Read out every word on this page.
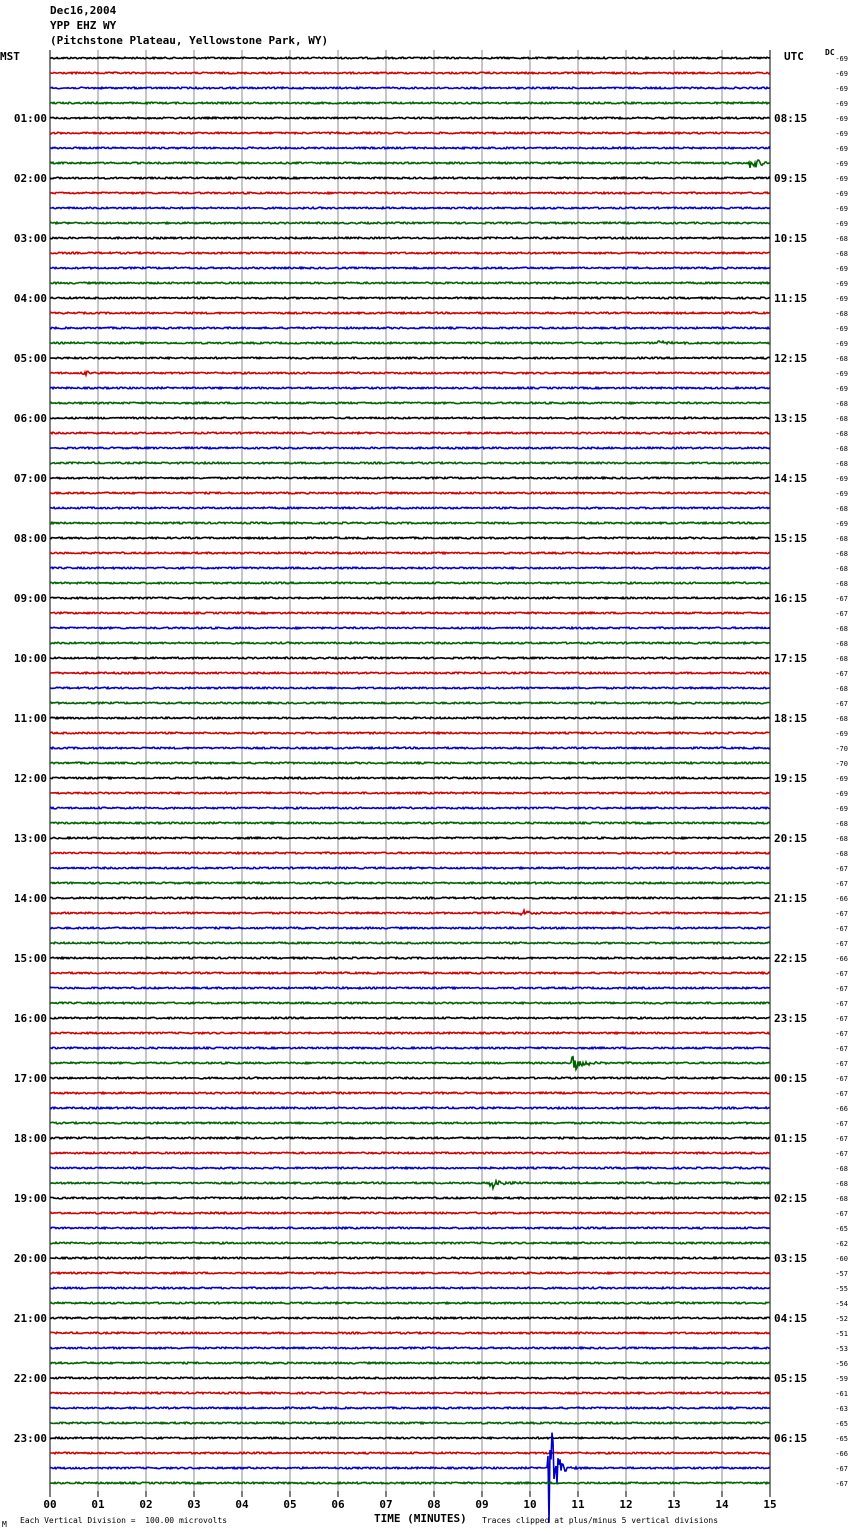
01:00
02:00
03:00
04:00
05:00
06:00
07:00
08:00
09:00
10:00
11:00
12:00
13:00
14:00
15:00
16:00
17:00
18:00
19:00
20:00
21:00
22:00
23:00
08:15
09:15
10:15
11:15
12:15
13:15
14:15
15:15
16:15
17:15
18:15
19:15
20:15
21:15
22:15
23:15
00:15
01:15
02:15
03:15
04:15
05:15
06:15
-69
-69
-69
-69
-69
-69
-69
-69
-69
-69
-69
-69
-68
-68
-69
-69
-69
-68
-69
-69
-68
-69
-69
-68
-68
-68
-68
-68
-69
-69
-68
-69
-68
-68
-68
-68
-67
-67
-68
-68
-68
-67
-68
-67
-68
-69
-70
-70
-69
-69
-69
-68
-68
-68
-67
-67
-66
-67
-67
-67
-66
-67
-67
-67
-67
-67
-67
-67
-67
-67
-66
-67
-67
-67
-68
-68
-68
-67
-65
-62
-60
-57
-55
-54
-52
-51
-53
-56
-59
-61
-63
-65
-65
-66
-67
-67
00	01	02	03	04	05	06	07	08	09	10	11	12	13	14	15
Dec16,2004
YPP EHZ WY
(Pitchstone Plateau, Yellowstone Park, WY)
MST	UTC	DC
M Each Vertical Division =  100.00 microvolts	TIME (MINUTES) Traces clipped at plus/minus 5 vertical divisions
